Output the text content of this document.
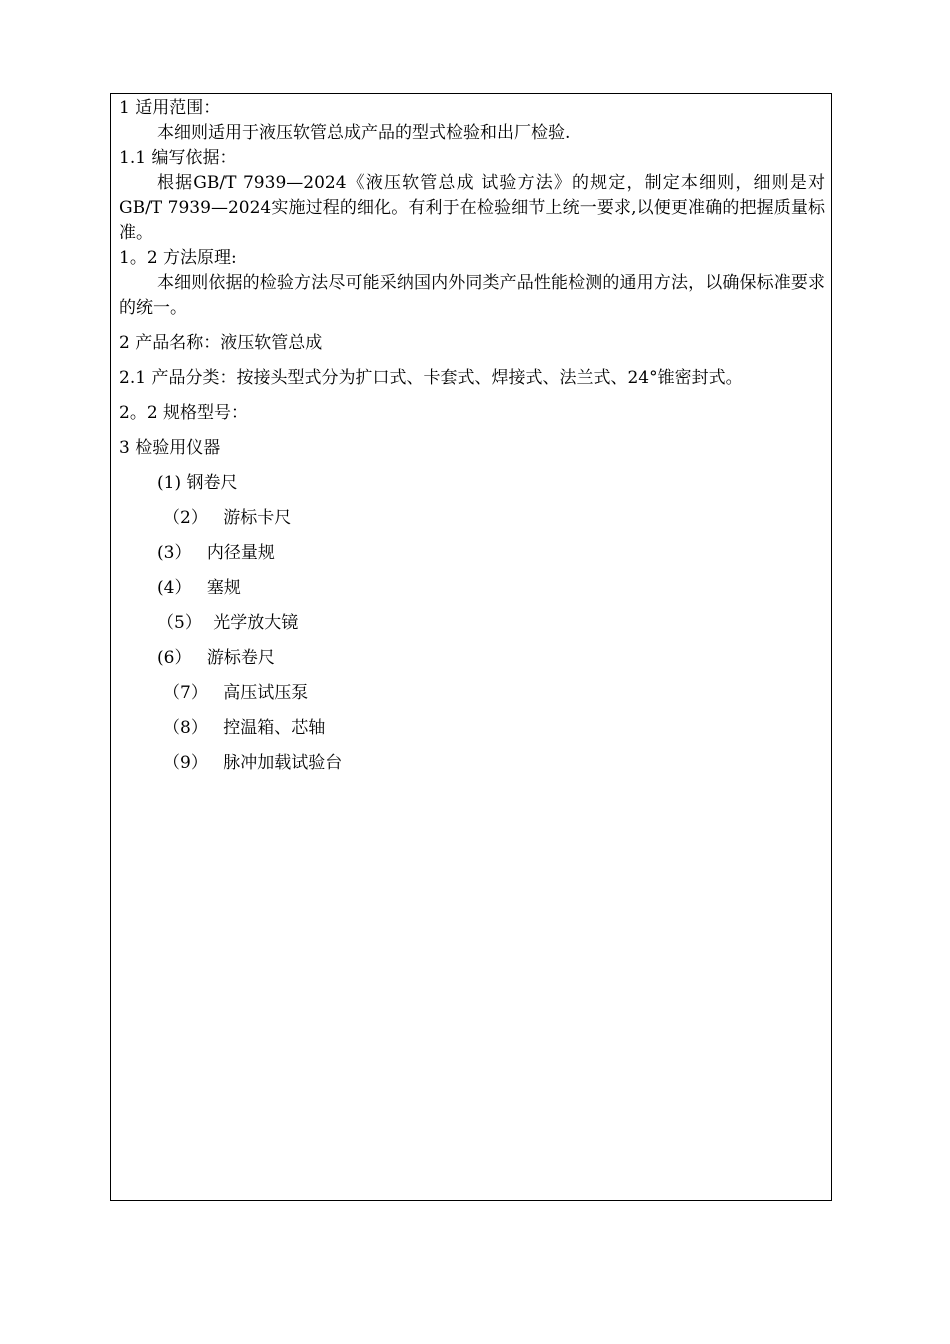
1 适用范围：

本细则适用于液压软管总成产品的型式检验和出厂检验.

1.1 编写依据：

根据GB/T 7939—2024《液压软管总成 试验方法》的规定，制定本细则，细则是对GB/T 7939—2024实施过程的细化。有利于在检验细节上统一要求,以便更准确的把握质量标准。

1。2 方法原理:

本细则依据的检验方法尽可能采纳国内外同类产品性能检测的通用方法，以确保标准要求的统一。

2 产品名称：液压软管总成

2.1 产品分类：按接头型式分为扩口式、卡套式、焊接式、法兰式、24°锥密封式。

2。2 规格型号：

3 检验用仪器

(1) 钢卷尺
（2） 游标卡尺
(3） 内径量规
(4） 塞规
（5） 光学放大镜
(6） 游标卷尺
（7） 高压试压泵
（8） 控温箱、芯轴
（9） 脉冲加载试验台
